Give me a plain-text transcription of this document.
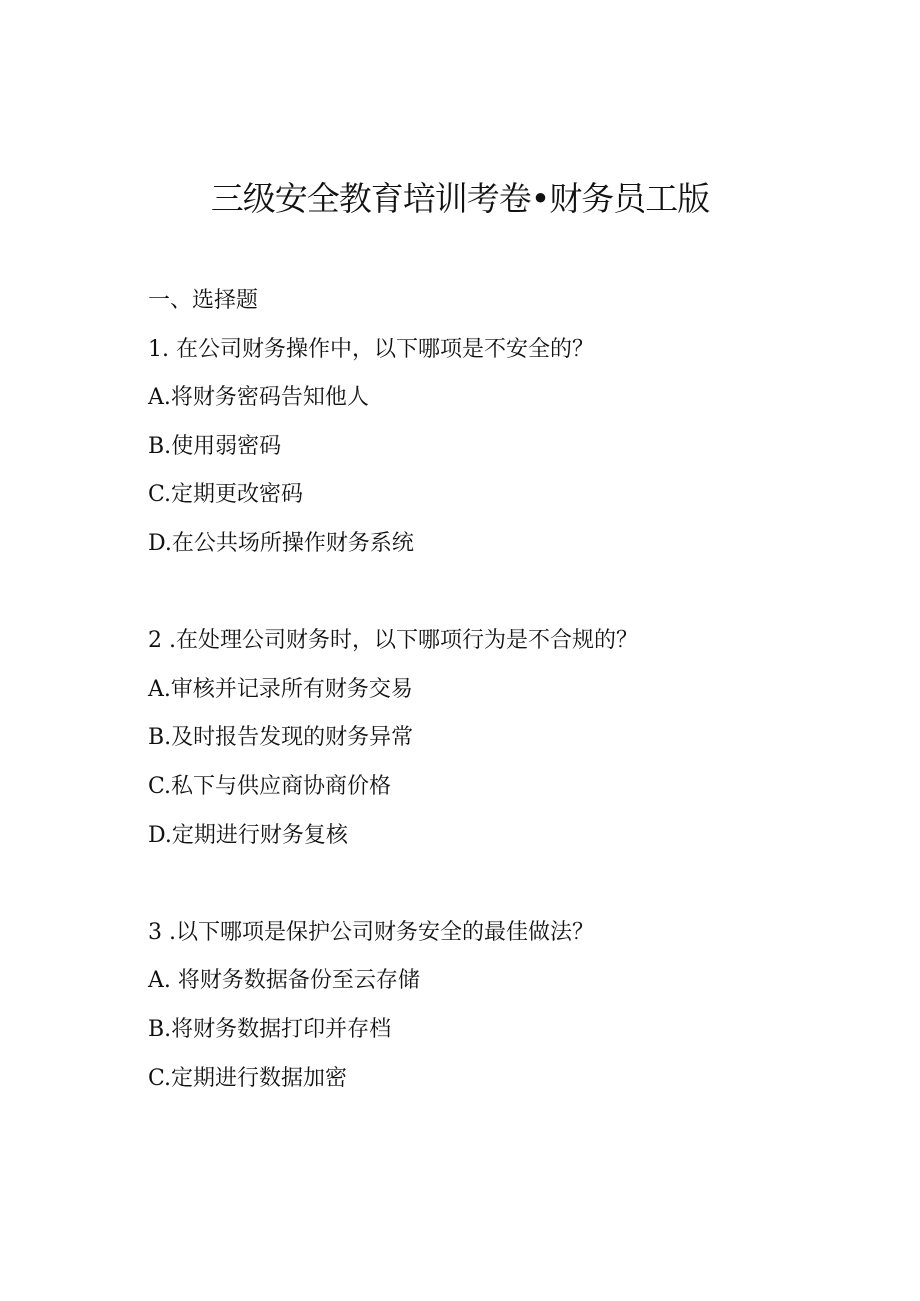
三级安全教育培训考卷•财务员工版
一、选择题
1. 在公司财务操作中，以下哪项是不安全的？
A.将财务密码告知他人
B.使用弱密码
C.定期更改密码
D.在公共场所操作财务系统
2 .在处理公司财务时，以下哪项行为是不合规的？
A.审核并记录所有财务交易
B.及时报告发现的财务异常
C.私下与供应商协商价格
D.定期进行财务复核
3 .以下哪项是保护公司财务安全的最佳做法？
A. 将财务数据备份至云存储
B.将财务数据打印并存档
C.定期进行数据加密
